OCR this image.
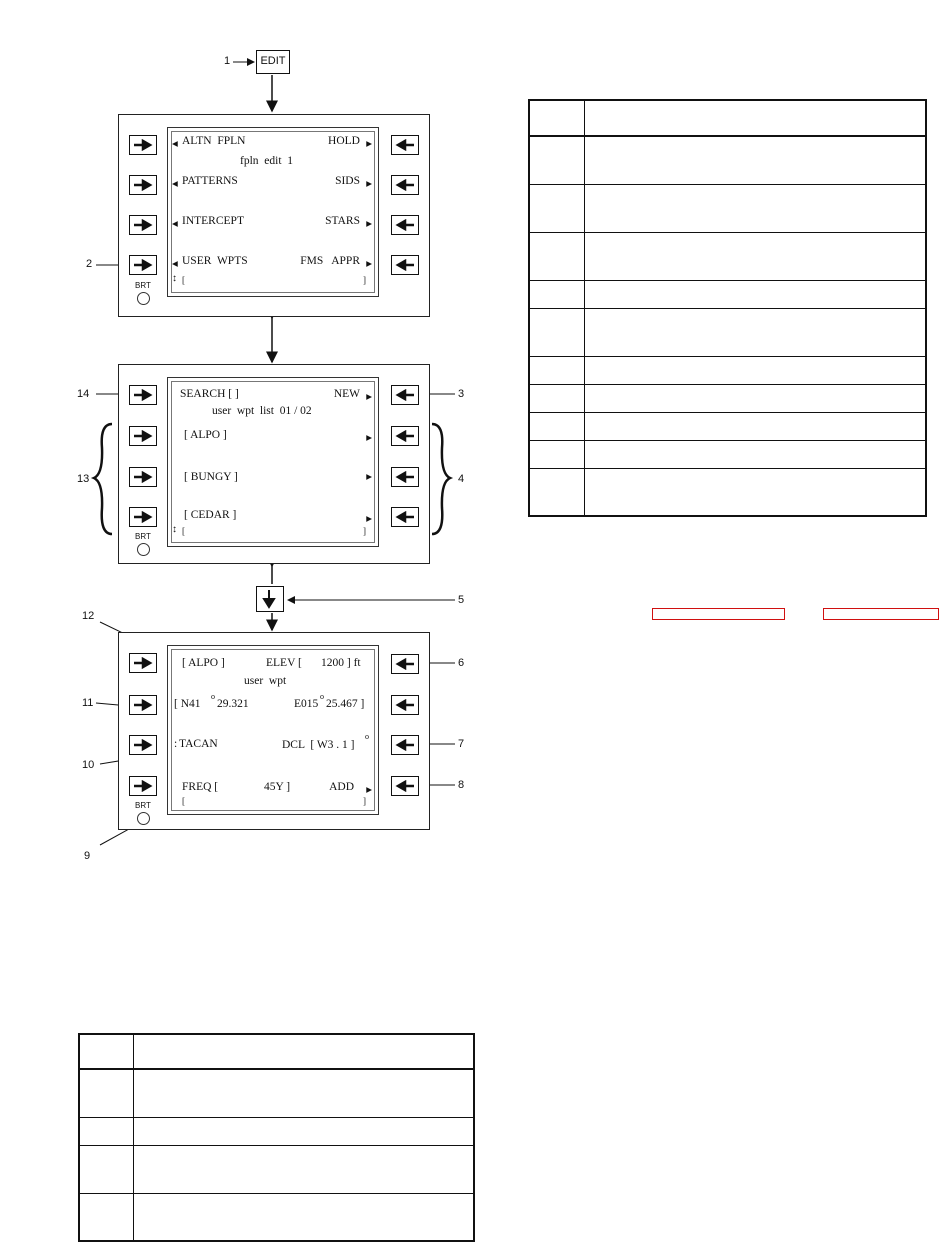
1	EDIT
BRT
◂ ALTN  FPLN	HOLD ▸
fpln  edit  1
◂ PATTERNS	SIDS ▸
◂ INTERCEPT	STARS ▸
◂ USER  WPTS	FMS   APPR ▸
↕ [	]
2
BRT
SEARCH [ ]	NEW ▸
user  wpt  list  01 / 02
[ ALPO ]	▸
[ BUNGY ]	▸
[ CEDAR ]	▸
↕ [	]
14
13
3
4
5
BRT
[ ALPO ]	ELEV [ 1200 ] ft
user  wpt
[ N41
o
29.321	E015
o
25.467 ]
: TACAN	DCL  [ W3 . 1 ]
o
FREQ [	45Y ]	ADD ▸
[	]
12
6
11
7
10
8
9
